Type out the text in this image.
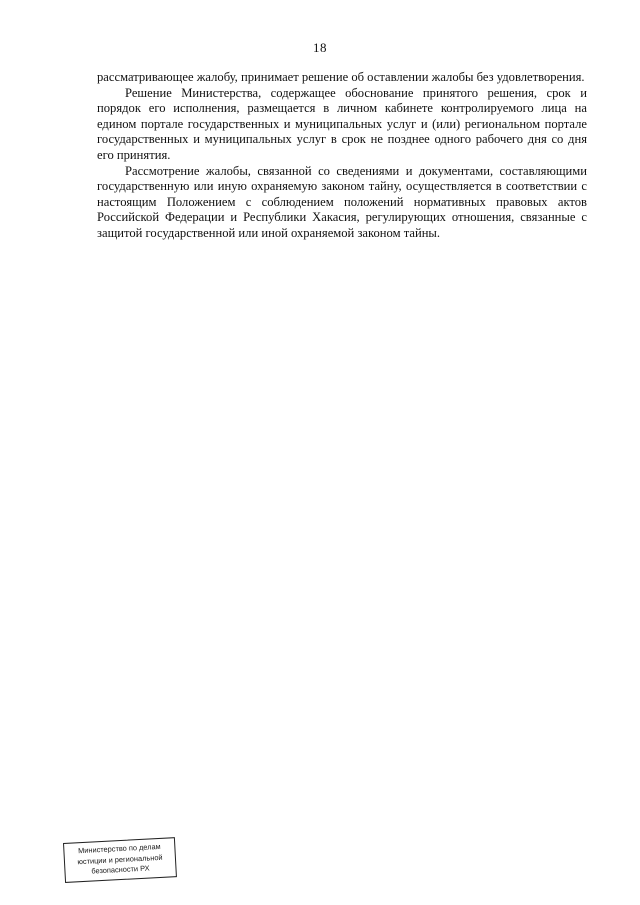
18

рассматривающее жалобу, принимает решение об оставлении жалобы без удовлетворения.

Решение Министерства, содержащее обоснование принятого решения, срок и порядок его исполнения, размещается в личном кабинете контролируемого лица на едином портале государственных и муниципальных услуг и (или) региональном портале государственных и муниципальных услуг в срок не позднее одного рабочего дня со дня его принятия.

Рассмотрение жалобы, связанной со сведениями и документами, составляющими государственную или иную охраняемую законом тайну, осуществляется в соответствии с настоящим Положением с соблюдением положений нормативных правовых актов Российской Федерации и Республики Хакасия, регулирующих отношения, связанные с защитой государственной или иной охраняемой законом тайны.

Министерство по делам
юстиции и региональной
безопасности РХ
